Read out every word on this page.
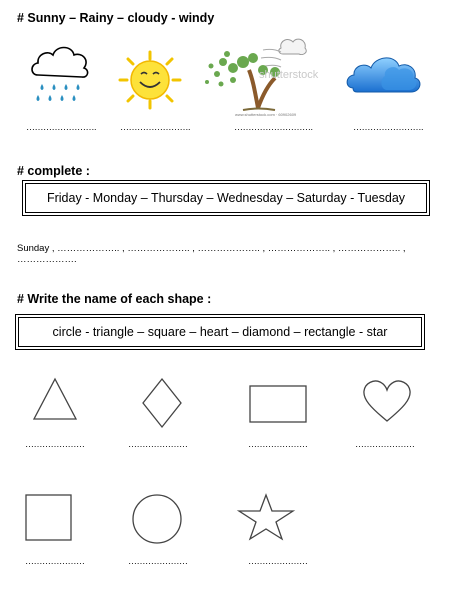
# Sunny – Rainy – cloudy - windy
shutterstock
www.shutterstock.com · 60902609
…………………….	…………………….	……………………….	…………………….
# complete :
Friday - Monday – Thursday – Wednesday – Saturday - Tuesday
Sunday , ……………….. , ……………….. , ……………….. , ……………….. , ……………….. , ……………….
# Write the name of each shape :
circle - triangle – square – heart – diamond – rectangle - star
…………………	…………………	…………………	…………………
…………………	…………………	…………………
